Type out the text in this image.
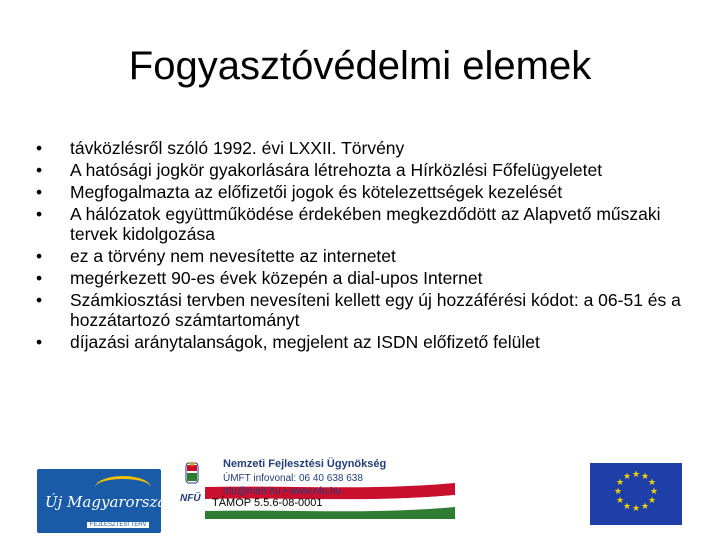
Fogyasztóvédelmi elemek
• távközlésről szóló 1992. évi LXXII. Törvény
• A hatósági jogkör gyakorlására létrehozta a Hírközlési Főfelügyeletet
• Megfogalmazta az előfizetői jogok és kötelezettségek kezelését
• A hálózatok együttműködése érdekében megkezdődött az Alapvető műszaki tervek kidolgozása
• ez a törvény nem nevesítette az internetet
• megérkezett 90-es évek közepén a dial-upos Internet
• Számkiosztási tervben nevesíteni kellett egy új hozzáférési kódot: a 06-51 és a hozzátartozó számtartományt
• díjazási aránytalanságok, megjelent az ISDN előfizető felület
Új Magyarország
FEJLESZTÉSI TERV
NFÜ
Nemzeti Fejlesztési Ügynökség
ÚMFT infovonal: 06 40 638 638
nfu@meh.hu • www.nfu.hu
TÁMOP 5.5.6-08-0001
★ ★
★
★
★
★
★
★
★
★
★
★
